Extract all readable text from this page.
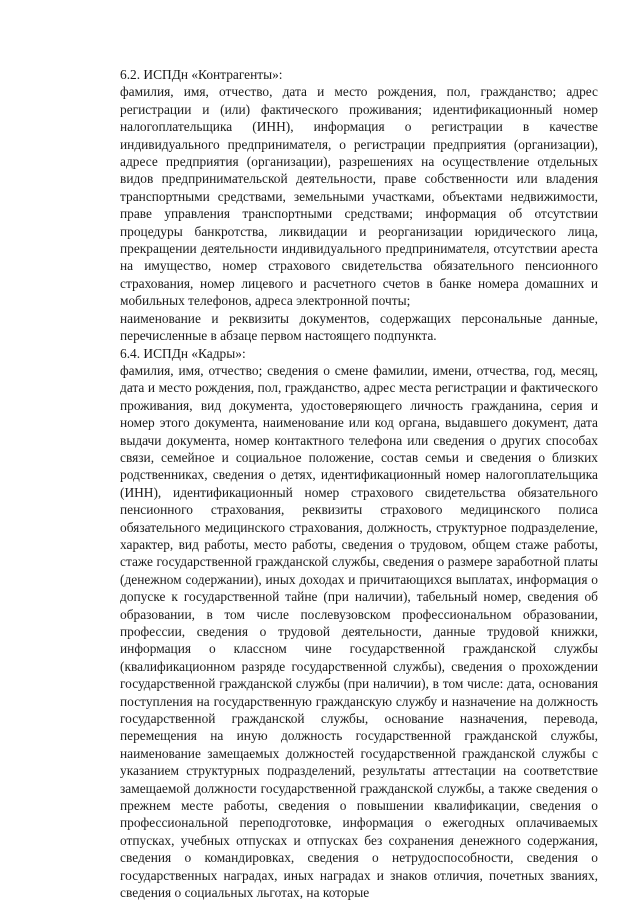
6.2. ИСПДн «Контрагенты»:

фамилия, имя, отчество, дата и место рождения, пол, гражданство; адрес регистрации и (или) фактического проживания; идентификационный номер налогоплательщика (ИНН), информация о регистрации в качестве индивидуального предпринимателя, о регистрации предприятия (организации), адресе предприятия (организации), разрешениях на осуществление отдельных видов предпринимательской деятельности, праве собственности или владения транспортными средствами, земельными участками, объектами недвижимости, праве управления транспортными средствами; информация об отсутствии процедуры банкротства, ликвидации и реорганизации юридического лица, прекращении деятельности индивидуального предпринимателя, отсутствии ареста на имущество, номер страхового свидетельства обязательного пенсионного страхования, номер лицевого и расчетного счетов в банке номера домашних и мобильных телефонов, адреса электронной почты;

наименование и реквизиты документов, содержащих персональные данные, перечисленные в абзаце первом настоящего подпункта.

6.4. ИСПДн «Кадры»:

фамилия, имя, отчество; сведения о смене фамилии, имени, отчества, год, месяц, дата и место рождения, пол, гражданство, адрес места регистрации и фактического проживания, вид документа, удостоверяющего личность гражданина, серия и номер этого документа, наименование или код органа, выдавшего документ, дата выдачи документа, номер контактного телефона или сведения о других способах связи, семейное и социальное положение, состав семьи и сведения о близких родственниках, сведения о детях, идентификационный номер налогоплательщика (ИНН), идентификационный номер страхового свидетельства обязательного пенсионного страхования, реквизиты страхового медицинского полиса обязательного медицинского страхования, должность, структурное подразделение, характер, вид работы, место работы, сведения о трудовом, общем стаже работы, стаже государственной гражданской службы, сведения о размере заработной платы (денежном содержании), иных доходах и причитающихся выплатах, информация о допуске к государственной тайне (при наличии), табельный номер, сведения об образовании, в том числе послевузовском профессиональном образовании, профессии, сведения о трудовой деятельности, данные трудовой книжки, информация о классном чине государственной гражданской службы (квалификационном разряде государственной службы), сведения о прохождении государственной гражданской службы (при наличии), в том числе: дата, основания поступления на государственную гражданскую службу и назначение на должность государственной гражданской службы, основание назначения, перевода, перемещения на иную должность государственной гражданской службы, наименование замещаемых должностей государственной гражданской службы с указанием структурных подразделений, результаты аттестации на соответствие замещаемой должности государственной гражданской службы, а также сведения о прежнем месте работы, сведения о повышении квалификации, сведения о профессиональной переподготовке, информация о ежегодных оплачиваемых отпусках, учебных отпусках и отпусках без сохранения денежного содержания, сведения о командировках, сведения о нетрудоспособности, сведения о государственных наградах, иных наградах и знаков отличия, почетных званиях, сведения о социальных льготах, на которые
